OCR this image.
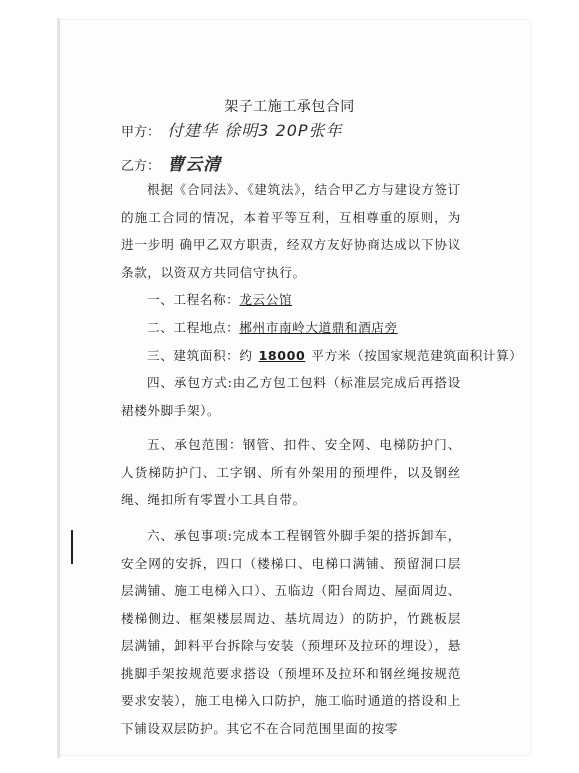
架子工施工承包合同
甲方： 付建华 徐明3 20P张年
乙方： 曹云清
根据《合同法》、《建筑法》，结合甲乙方与建设方签订的施工合同的情况，本着平等互利，互相尊重的原则，为进一步明 确甲乙双方职责，经双方友好协商达成以下协议条款，以资双方共同信守执行。
一、工程名称：龙云公馆
二、工程地点：郴州市南岭大道鼎和酒店旁
三、建筑面积：约 18000 平方米（按国家规范建筑面积计算）
四、承包方式:由乙方包工包料（标准层完成后再搭设裙楼外脚手架）。
五、承包范围：钢管、扣件、安全网、电梯防护门、人货梯防护门、工字钢、所有外架用的预埋件，以及钢丝绳、绳扣所有零置小工具自带。
六、承包事项:完成本工程钢管外脚手架的搭拆卸车，安全网的安拆，四口（楼梯口、电梯口满铺、预留洞口层层满铺、施工电梯入口）、五临边（阳台周边、屋面周边、楼梯侧边、框架楼层周边、基坑周边）的防护，竹跳板层层满铺，卸料平台拆除与安装（预埋环及拉环的埋设），悬挑脚手架按规范要求搭设（预埋环及拉环和钢丝绳按规范要求安装），施工电梯入口防护，施工临时通道的搭设和上下铺设双层防护。其它不在合同范围里面的按零
